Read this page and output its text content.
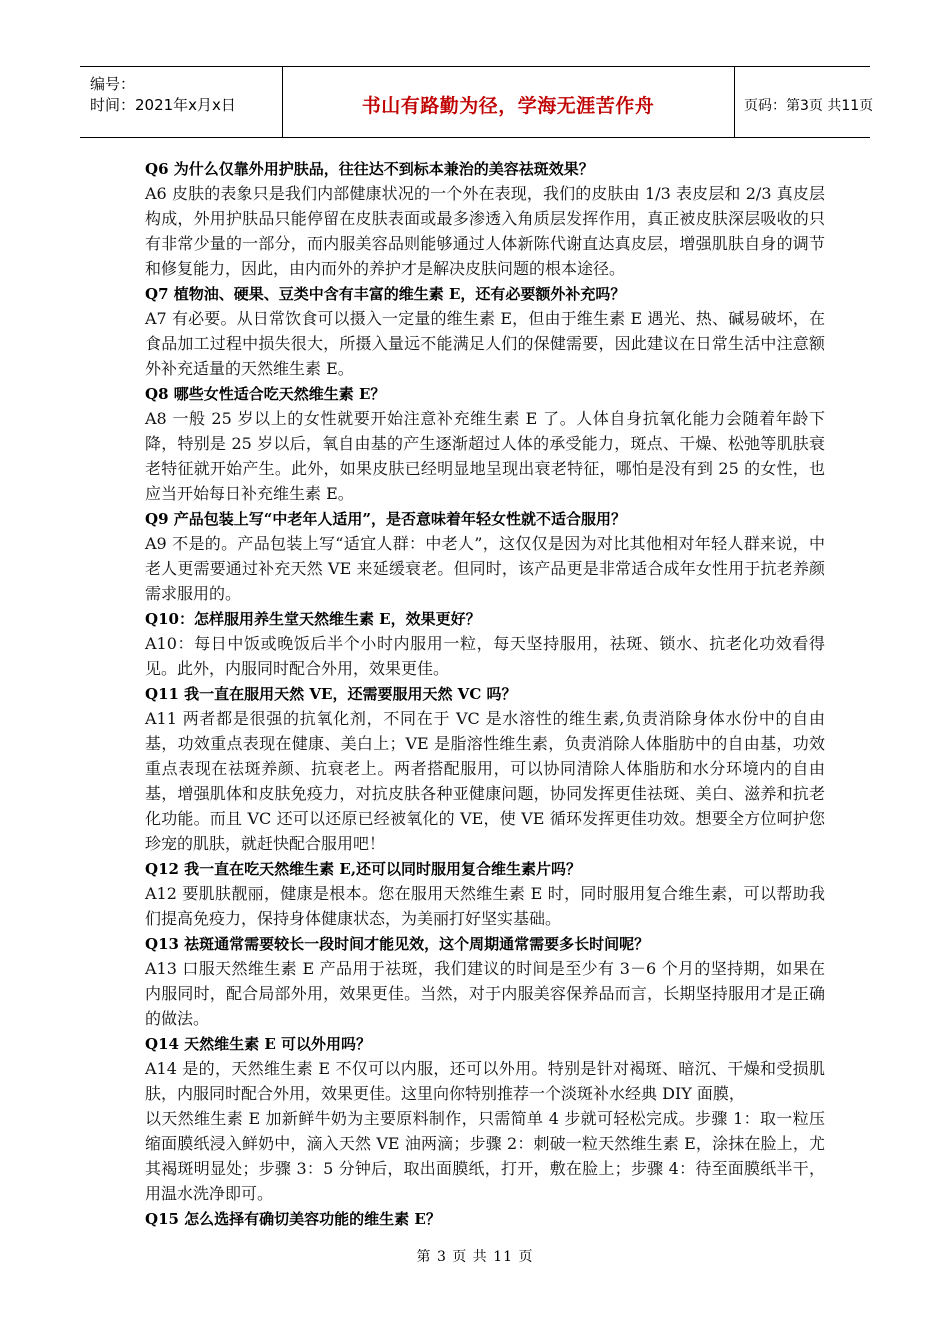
编号：
时间：2021年x月x日	书山有路勤为径，学海无涯苦作舟	页码：第3页 共11页
Q6 为什么仅靠外用护肤品，往往达不到标本兼治的美容祛斑效果？

A6 皮肤的表象只是我们内部健康状况的一个外在表现，我们的皮肤由 1/3 表皮层和 2/3 真皮层构成，外用护肤品只能停留在皮肤表面或最多渗透入角质层发挥作用，真正被皮肤深层吸收的只有非常少量的一部分，而内服美容品则能够通过人体新陈代谢直达真皮层，增强肌肤自身的调节和修复能力，因此，由内而外的养护才是解决皮肤问题的根本途径。

Q7 植物油、硬果、豆类中含有丰富的维生素 E，还有必要额外补充吗？

A7 有必要。从日常饮食可以摄入一定量的维生素 E，但由于维生素 E 遇光、热、碱易破坏，在食品加工过程中损失很大，所摄入量远不能满足人们的保健需要，因此建议在日常生活中注意额外补充适量的天然维生素 E。

Q8 哪些女性适合吃天然维生素 E？

A8 一般 25 岁以上的女性就要开始注意补充维生素 E 了。人体自身抗氧化能力会随着年龄下降，特别是 25 岁以后，氧自由基的产生逐渐超过人体的承受能力，斑点、干燥、松弛等肌肤衰老特征就开始产生。此外，如果皮肤已经明显地呈现出衰老特征，哪怕是没有到 25 的女性，也应当开始每日补充维生素 E。

Q9 产品包装上写“中老年人适用”，是否意味着年轻女性就不适合服用？

A9 不是的。产品包装上写“适宜人群：中老人”，这仅仅是因为对比其他相对年轻人群来说，中老人更需要通过补充天然 VE 来延缓衰老。但同时，该产品更是非常适合成年女性用于抗老养颜需求服用的。

Q10：怎样服用养生堂天然维生素 E，效果更好？

A10：每日中饭或晚饭后半个小时内服用一粒，每天坚持服用，祛斑、锁水、抗老化功效看得见。此外，内服同时配合外用，效果更佳。

Q11 我一直在服用天然 VE，还需要服用天然 VC 吗？

A11 两者都是很强的抗氧化剂，不同在于 VC 是水溶性的维生素,负责消除身体水份中的自由基，功效重点表现在健康、美白上；VE 是脂溶性维生素，负责消除人体脂肪中的自由基，功效重点表现在祛斑养颜、抗衰老上。两者搭配服用，可以协同清除人体脂肪和水分环境内的自由基，增强肌体和皮肤免疫力，对抗皮肤各种亚健康问题，协同发挥更佳祛斑、美白、滋养和抗老化功能。而且 VC 还可以还原已经被氧化的 VE，使 VE 循环发挥更佳功效。想要全方位呵护您珍宠的肌肤，就赶快配合服用吧！

Q12 我一直在吃天然维生素 E,还可以同时服用复合维生素片吗？

A12 要肌肤靓丽，健康是根本。您在服用天然维生素 E 时，同时服用复合维生素，可以帮助我们提高免疫力，保持身体健康状态，为美丽打好坚实基础。

Q13 祛斑通常需要较长一段时间才能见效，这个周期通常需要多长时间呢？

A13 口服天然维生素 E 产品用于祛斑，我们建议的时间是至少有 3－6 个月的坚持期，如果在内服同时，配合局部外用，效果更佳。当然，对于内服美容保养品而言，长期坚持服用才是正确的做法。

Q14 天然维生素 E 可以外用吗？

A14 是的，天然维生素 E 不仅可以内服，还可以外用。特别是针对褐斑、暗沉、干燥和受损肌肤，内服同时配合外用，效果更佳。这里向你特别推荐一个淡斑补水经典 DIY 面膜，

以天然维生素 E 加新鲜牛奶为主要原料制作，只需简单 4 步就可轻松完成。步骤 1：取一粒压缩面膜纸浸入鲜奶中，滴入天然 VE 油两滴；步骤 2：刺破一粒天然维生素 E，涂抹在脸上，尤其褐斑明显处；步骤 3：5 分钟后，取出面膜纸，打开，敷在脸上；步骤 4：待至面膜纸半干，用温水洗净即可。

Q15 怎么选择有确切美容功能的维生素 E？
第 3 页 共 11 页
